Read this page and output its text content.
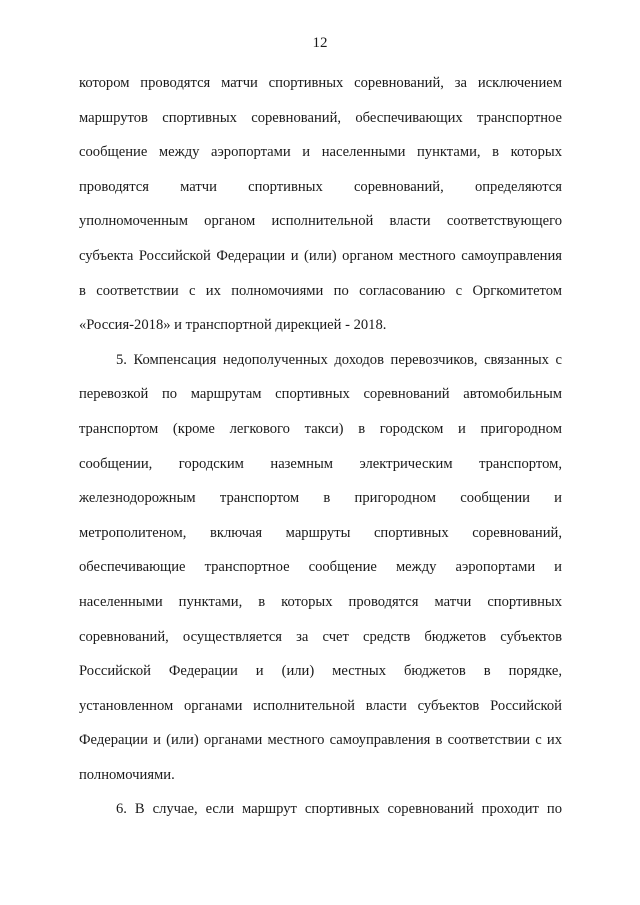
12
котором проводятся матчи спортивных соревнований, за исключением
маршрутов спортивных соревнований, обеспечивающих транспортное
сообщение между аэропортами и населенными пунктами, в которых
проводятся матчи спортивных соревнований, определяются
уполномоченным органом исполнительной власти соответствующего
субъекта Российской Федерации и (или) органом местного самоуправления
в соответствии с их полномочиями по согласованию с Оргкомитетом
«Россия-2018» и транспортной дирекцией - 2018.
5. Компенсация недополученных доходов перевозчиков, связанных с
перевозкой по маршрутам спортивных соревнований автомобильным
транспортом (кроме легкового такси) в городском и пригородном
сообщении, городским наземным электрическим транспортом,
железнодорожным транспортом в пригородном сообщении и
метрополитеном, включая маршруты спортивных соревнований,
обеспечивающие транспортное сообщение между аэропортами и
населенными пунктами, в которых проводятся матчи спортивных
соревнований, осуществляется за счет средств бюджетов субъектов
Российской Федерации и (или) местных бюджетов в порядке,
установленном органами исполнительной власти субъектов Российской
Федерации и (или) органами местного самоуправления в соответствии с их
полномочиями.
6. В случае, если маршрут спортивных соревнований проходит по
